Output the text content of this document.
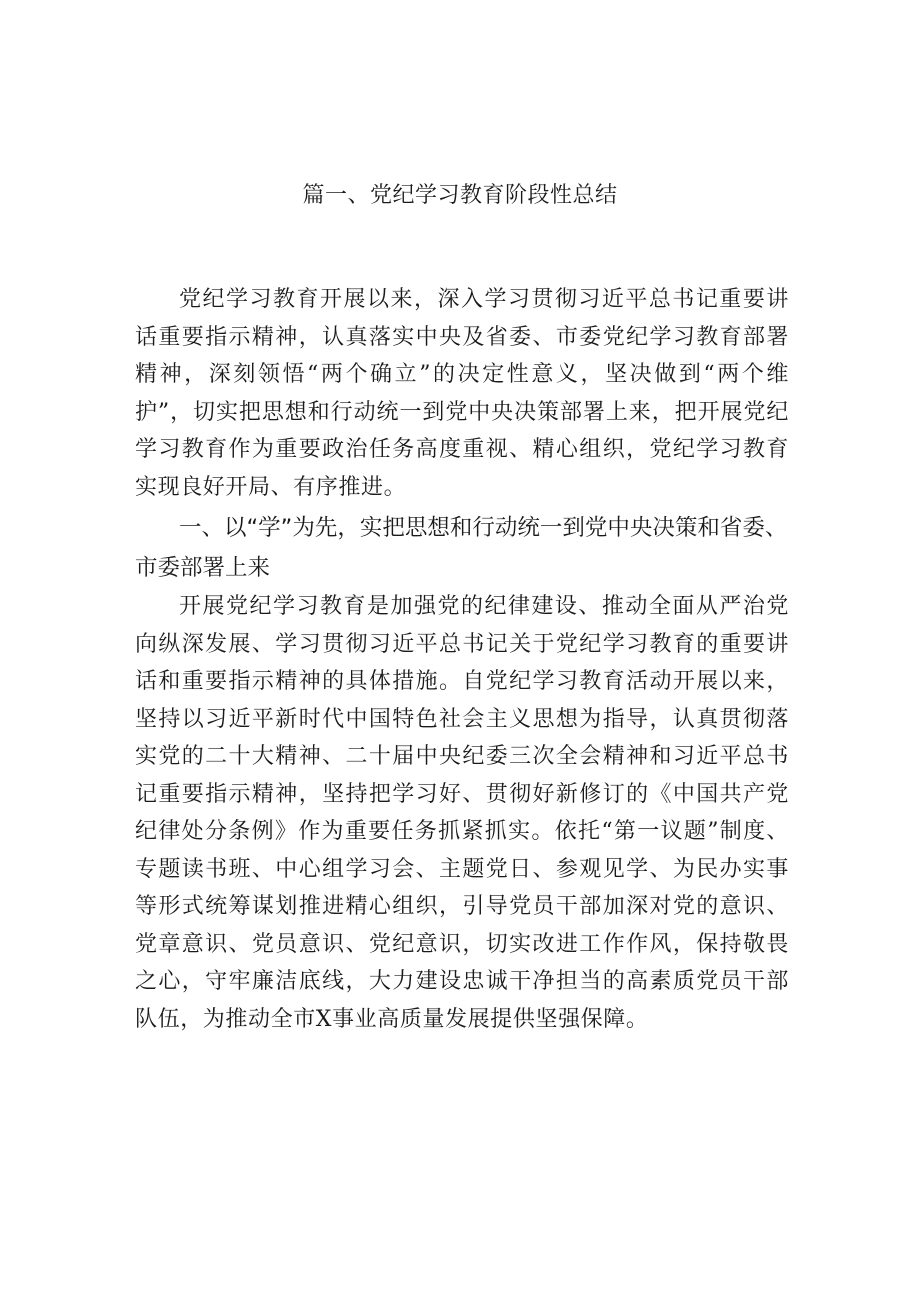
篇一、党纪学习教育阶段性总结

党纪学习教育开展以来，深入学习贯彻习近平总书记重要讲话重要指示精神，认真落实中央及省委、市委党纪学习教育部署精神，深刻领悟“两个确立”的决定性意义，坚决做到“两个维护”，切实把思想和行动统一到党中央决策部署上来，把开展党纪学习教育作为重要政治任务高度重视、精心组织，党纪学习教育实现良好开局、有序推进。

一、以“学”为先，实把思想和行动统一到党中央决策和省委、市委部署上来

开展党纪学习教育是加强党的纪律建设、推动全面从严治党向纵深发展、学习贯彻习近平总书记关于党纪学习教育的重要讲话和重要指示精神的具体措施。自党纪学习教育活动开展以来，坚持以习近平新时代中国特色社会主义思想为指导，认真贯彻落实党的二十大精神、二十届中央纪委三次全会精神和习近平总书记重要指示精神，坚持把学习好、贯彻好新修订的《中国共产党纪律处分条例》作为重要任务抓紧抓实。依托“第一议题”制度、专题读书班、中心组学习会、主题党日、参观见学、为民办实事等形式统筹谋划推进精心组织，引导党员干部加深对党的意识、党章意识、党员意识、党纪意识，切实改进工作作风，保持敬畏之心，守牢廉洁底线，大力建设忠诚干净担当的高素质党员干部队伍，为推动全市X事业高质量发展提供坚强保障。
